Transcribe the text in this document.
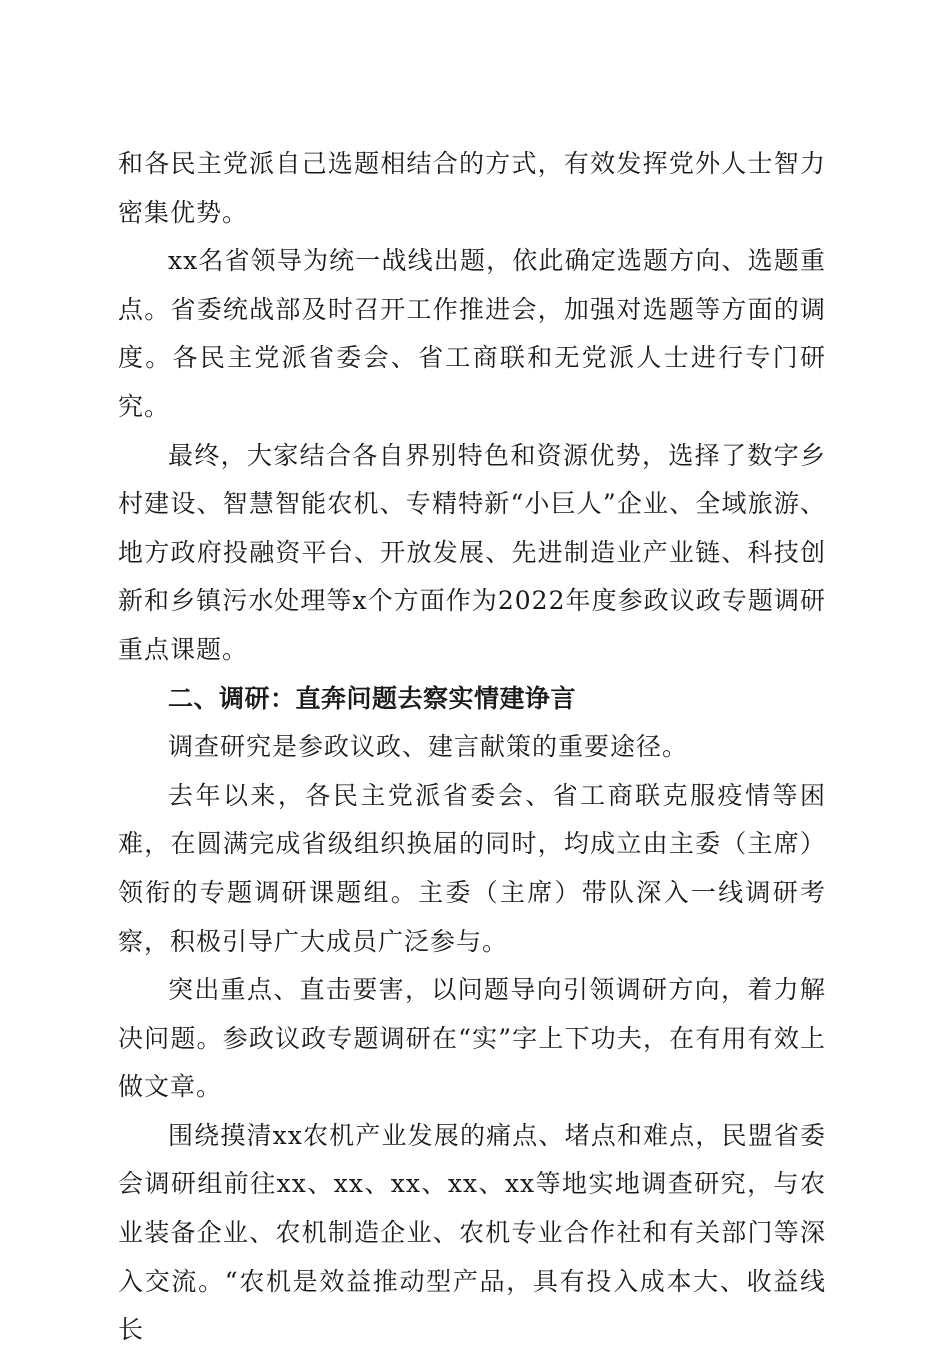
和各民主党派自己选题相结合的方式，有效发挥党外人士智力密集优势。

xx名省领导为统一战线出题，依此确定选题方向、选题重点。省委统战部及时召开工作推进会，加强对选题等方面的调度。各民主党派省委会、省工商联和无党派人士进行专门研究。

最终，大家结合各自界别特色和资源优势，选择了数字乡村建设、智慧智能农机、专精特新“小巨人”企业、全域旅游、地方政府投融资平台、开放发展、先进制造业产业链、科技创新和乡镇污水处理等x个方面作为2022年度参政议政专题调研重点课题。

二、调研：直奔问题去察实情建诤言

调查研究是参政议政、建言献策的重要途径。

去年以来，各民主党派省委会、省工商联克服疫情等困难，在圆满完成省级组织换届的同时，均成立由主委（主席）领衔的专题调研课题组。主委（主席）带队深入一线调研考察，积极引导广大成员广泛参与。

突出重点、直击要害，以问题导向引领调研方向，着力解决问题。参政议政专题调研在“实”字上下功夫，在有用有效上做文章。

围绕摸清xx农机产业发展的痛点、堵点和难点，民盟省委会调研组前往xx、xx、xx、xx、xx等地实地调查研究，与农业装备企业、农机制造企业、农机专业合作社和有关部门等深入交流。“农机是效益推动型产品，具有投入成本大、收益线长
